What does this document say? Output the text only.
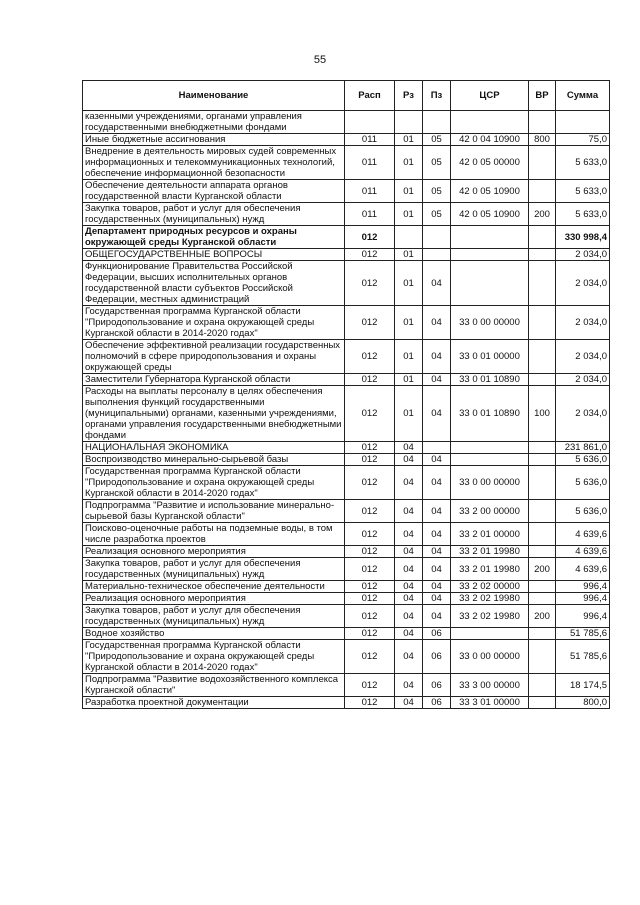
55
Наименование	Расп	Рз	Пз	ЦСР	ВР	Сумма
казенными учреждениями, органами управления государственными внебюджетными фондами						
Иные бюджетные ассигнования	011	01	05	42 0 04 10900	800	75,0
Внедрение в деятельность мировых судей современных информационных и телекоммуникационных технологий, обеспечение информационной безопасности	011	01	05	42 0 05 00000		5 633,0
Обеспечение деятельности аппарата органов государственной власти Курганской области	011	01	05	42 0 05 10900		5 633,0
Закупка товаров, работ и услуг для обеспечения государственных (муниципальных) нужд	011	01	05	42 0 05 10900	200	5 633,0
Департамент природных ресурсов и охраны окружающей среды Курганской области	012					330 998,4
ОБЩЕГОСУДАРСТВЕННЫЕ ВОПРОСЫ	012	01				2 034,0
Функционирование Правительства Российской Федерации, высших исполнительных органов государственной власти субъектов Российской Федерации, местных администраций	012	01	04			2 034,0
Государственная программа Курганской области "Природопользование и охрана окружающей среды Курганской области в 2014-2020 годах"	012	01	04	33 0 00 00000		2 034,0
Обеспечение эффективной реализации государственных полномочий в сфере природопользования и охраны окружающей среды	012	01	04	33 0 01 00000		2 034,0
Заместители Губернатора Курганской области	012	01	04	33 0 01 10890		2 034,0
Расходы на выплаты персоналу в целях обеспечения выполнения функций государственными (муниципальными) органами, казенными учреждениями, органами управления государственными внебюджетными фондами	012	01	04	33 0 01 10890	100	2 034,0
НАЦИОНАЛЬНАЯ ЭКОНОМИКА	012	04				231 861,0
Воспроизводство минерально-сырьевой базы	012	04	04			5 636,0
Государственная программа Курганской области "Природопользование и охрана окружающей среды Курганской области в 2014-2020 годах"	012	04	04	33 0 00 00000		5 636,0
Подпрограмма "Развитие и использование минерально-сырьевой базы Курганской области"	012	04	04	33 2 00 00000		5 636,0
Поисково-оценочные работы на подземные воды, в том числе разработка проектов	012	04	04	33 2 01 00000		4 639,6
Реализация основного мероприятия	012	04	04	33 2 01 19980		4 639,6
Закупка товаров, работ и услуг для обеспечения государственных (муниципальных) нужд	012	04	04	33 2 01 19980	200	4 639,6
Материально-техническое обеспечение деятельности	012	04	04	33 2 02 00000		996,4
Реализация основного мероприятия	012	04	04	33 2 02 19980		996,4
Закупка товаров, работ и услуг для обеспечения государственных (муниципальных) нужд	012	04	04	33 2 02 19980	200	996,4
Водное хозяйство	012	04	06			51 785,6
Государственная программа Курганской области "Природопользование и охрана окружающей среды Курганской области в 2014-2020 годах"	012	04	06	33 0 00 00000		51 785,6
Подпрограмма "Развитие водохозяйственного комплекса Курганской области"	012	04	06	33 3 00 00000		18 174,5
Разработка проектной документации	012	04	06	33 3 01 00000		800,0
